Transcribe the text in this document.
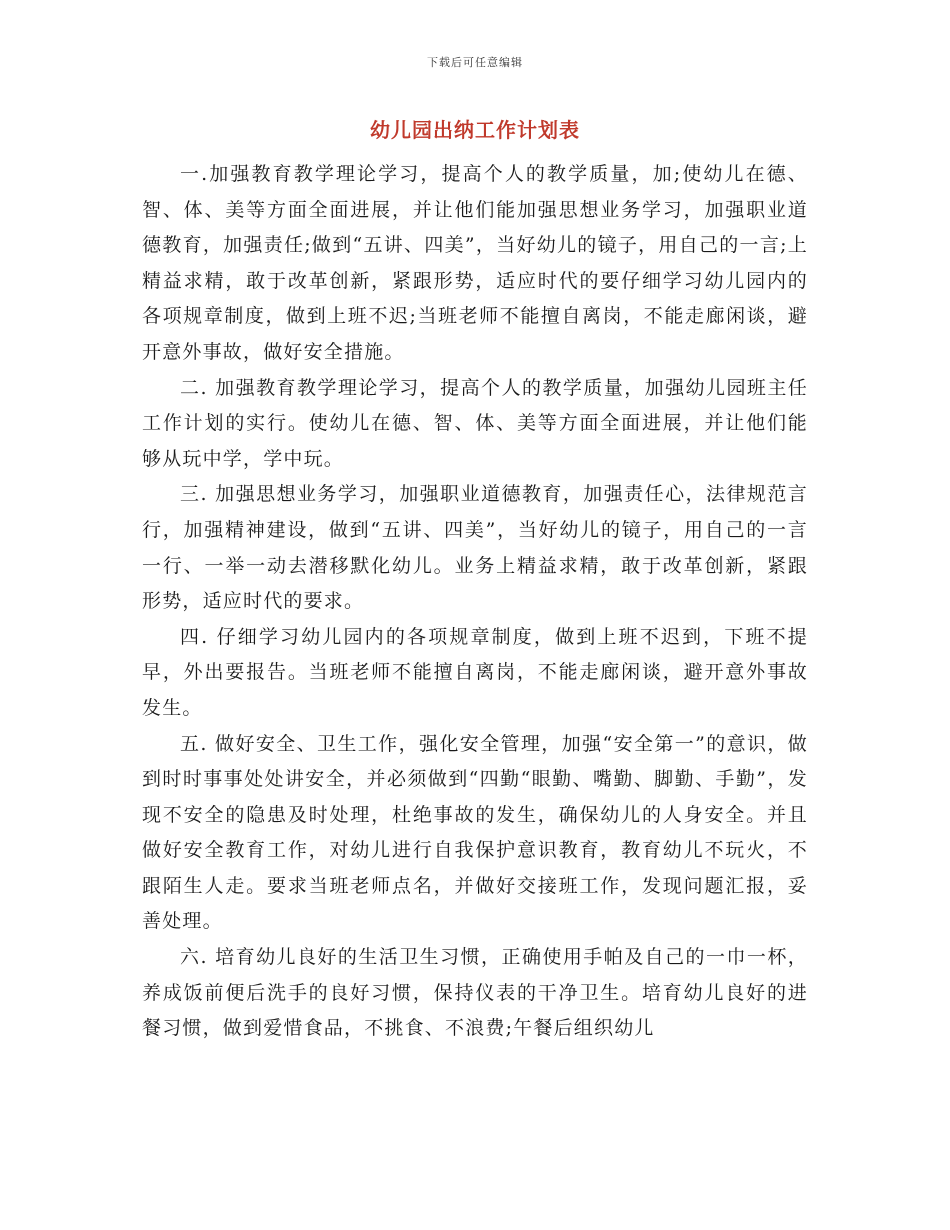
下载后可任意编辑
幼儿园出纳工作计划表

一.加强教育教学理论学习，提高个人的教学质量，加;使幼儿在德、智、体、美等方面全面进展，并让他们能加强思想业务学习，加强职业道德教育，加强责任;做到“五讲、四美”，当好幼儿的镜子，用自己的一言;上精益求精，敢于改革创新，紧跟形势，适应时代的要仔细学习幼儿园内的各项规章制度，做到上班不迟;当班老师不能擅自离岗，不能走廊闲谈，避开意外事故，做好安全措施。

二. 加强教育教学理论学习，提高个人的教学质量，加强幼儿园班主任工作计划的实行。使幼儿在德、智、体、美等方面全面进展，并让他们能够从玩中学，学中玩。

三. 加强思想业务学习，加强职业道德教育，加强责任心，法律规范言行，加强精神建设，做到“五讲、四美”，当好幼儿的镜子，用自己的一言一行、一举一动去潜移默化幼儿。业务上精益求精，敢于改革创新，紧跟形势，适应时代的要求。

四. 仔细学习幼儿园内的各项规章制度，做到上班不迟到，下班不提早，外出要报告。当班老师不能擅自离岗，不能走廊闲谈，避开意外事故发生。

五. 做好安全、卫生工作，强化安全管理，加强“安全第一”的意识，做到时时事事处处讲安全，并必须做到“四勤“眼勤、嘴勤、脚勤、手勤”，发现不安全的隐患及时处理，杜绝事故的发生，确保幼儿的人身安全。并且做好安全教育工作，对幼儿进行自我保护意识教育，教育幼儿不玩火，不跟陌生人走。要求当班老师点名，并做好交接班工作，发现问题汇报，妥善处理。

六. 培育幼儿良好的生活卫生习惯，正确使用手帕及自己的一巾一杯，养成饭前便后洗手的良好习惯，保持仪表的干净卫生。培育幼儿良好的进餐习惯，做到爱惜食品，不挑食、不浪费;午餐后组织幼儿
